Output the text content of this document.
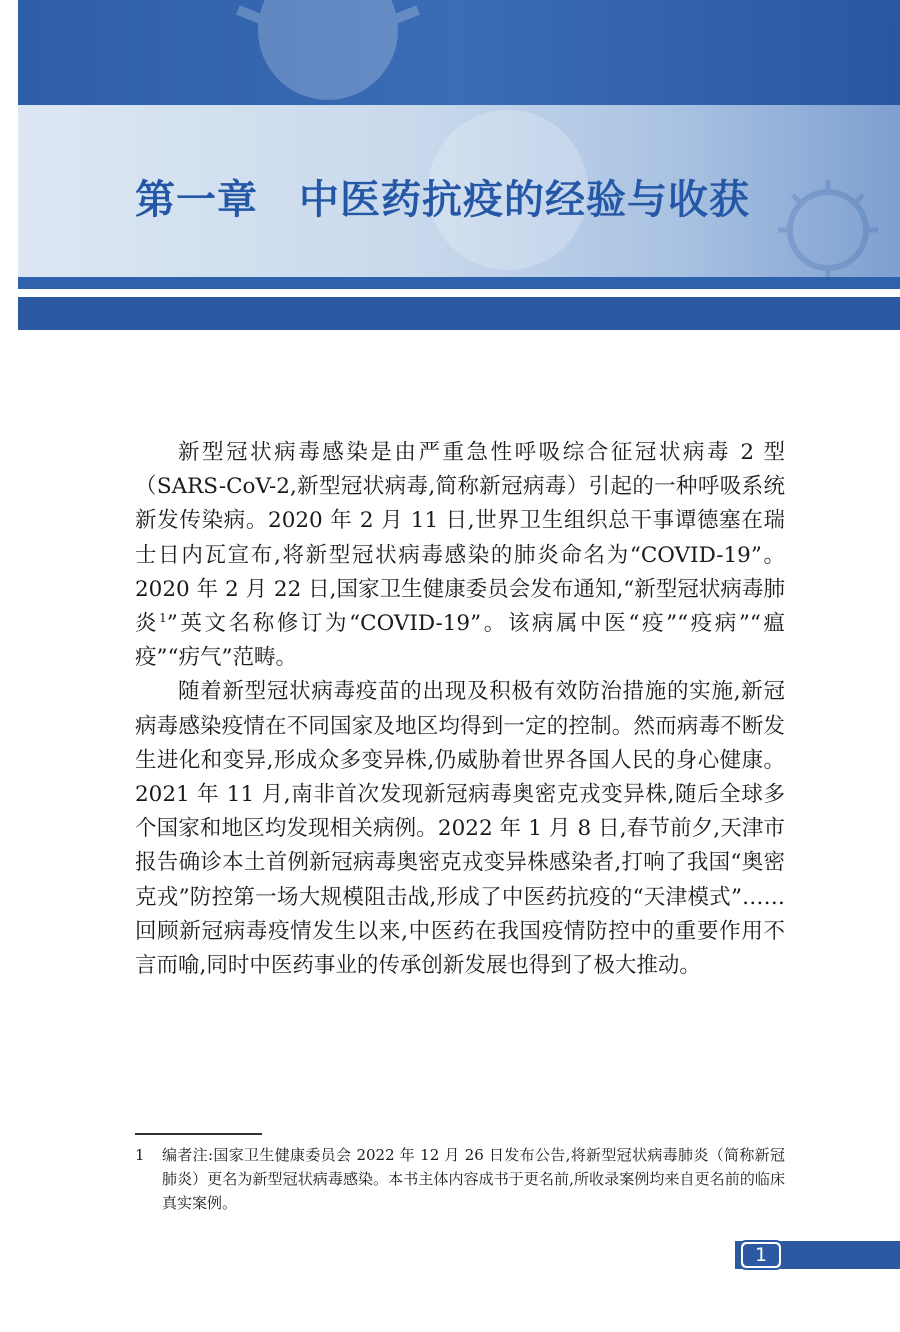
第一章　中医药抗疫的经验与收获

新型冠状病毒感染是由严重急性呼吸综合征冠状病毒 2 型（SARS-CoV-2,新型冠状病毒,简称新冠病毒）引起的一种呼吸系统新发传染病。2020 年 2 月 11 日,世界卫生组织总干事谭德塞在瑞士日内瓦宣布,将新型冠状病毒感染的肺炎命名为“COVID-19”。2020 年 2 月 22 日,国家卫生健康委员会发布通知,“新型冠状病毒肺炎$^1$”英文名称修订为“COVID-19”。该病属中医“疫”“疫病”“瘟疫”“疠气”范畴。

随着新型冠状病毒疫苗的出现及积极有效防治措施的实施,新冠病毒感染疫情在不同国家及地区均得到一定的控制。然而病毒不断发生进化和变异,形成众多变异株,仍威胁着世界各国人民的身心健康。2021 年 11 月,南非首次发现新冠病毒奥密克戎变异株,随后全球多个国家和地区均发现相关病例。2022 年 1 月 8 日,春节前夕,天津市报告确诊本土首例新冠病毒奥密克戎变异株感染者,打响了我国“奥密克戎”防控第一场大规模阻击战,形成了中医药抗疫的“天津模式”……回顾新冠病毒疫情发生以来,中医药在我国疫情防控中的重要作用不言而喻,同时中医药事业的传承创新发展也得到了极大推动。

1	编者注:国家卫生健康委员会 2022 年 12 月 26 日发布公告,将新型冠状病毒肺炎（简称新冠肺炎）更名为新型冠状病毒感染。本书主体内容成书于更名前,所收录案例均来自更名前的临床真实案例。
1
